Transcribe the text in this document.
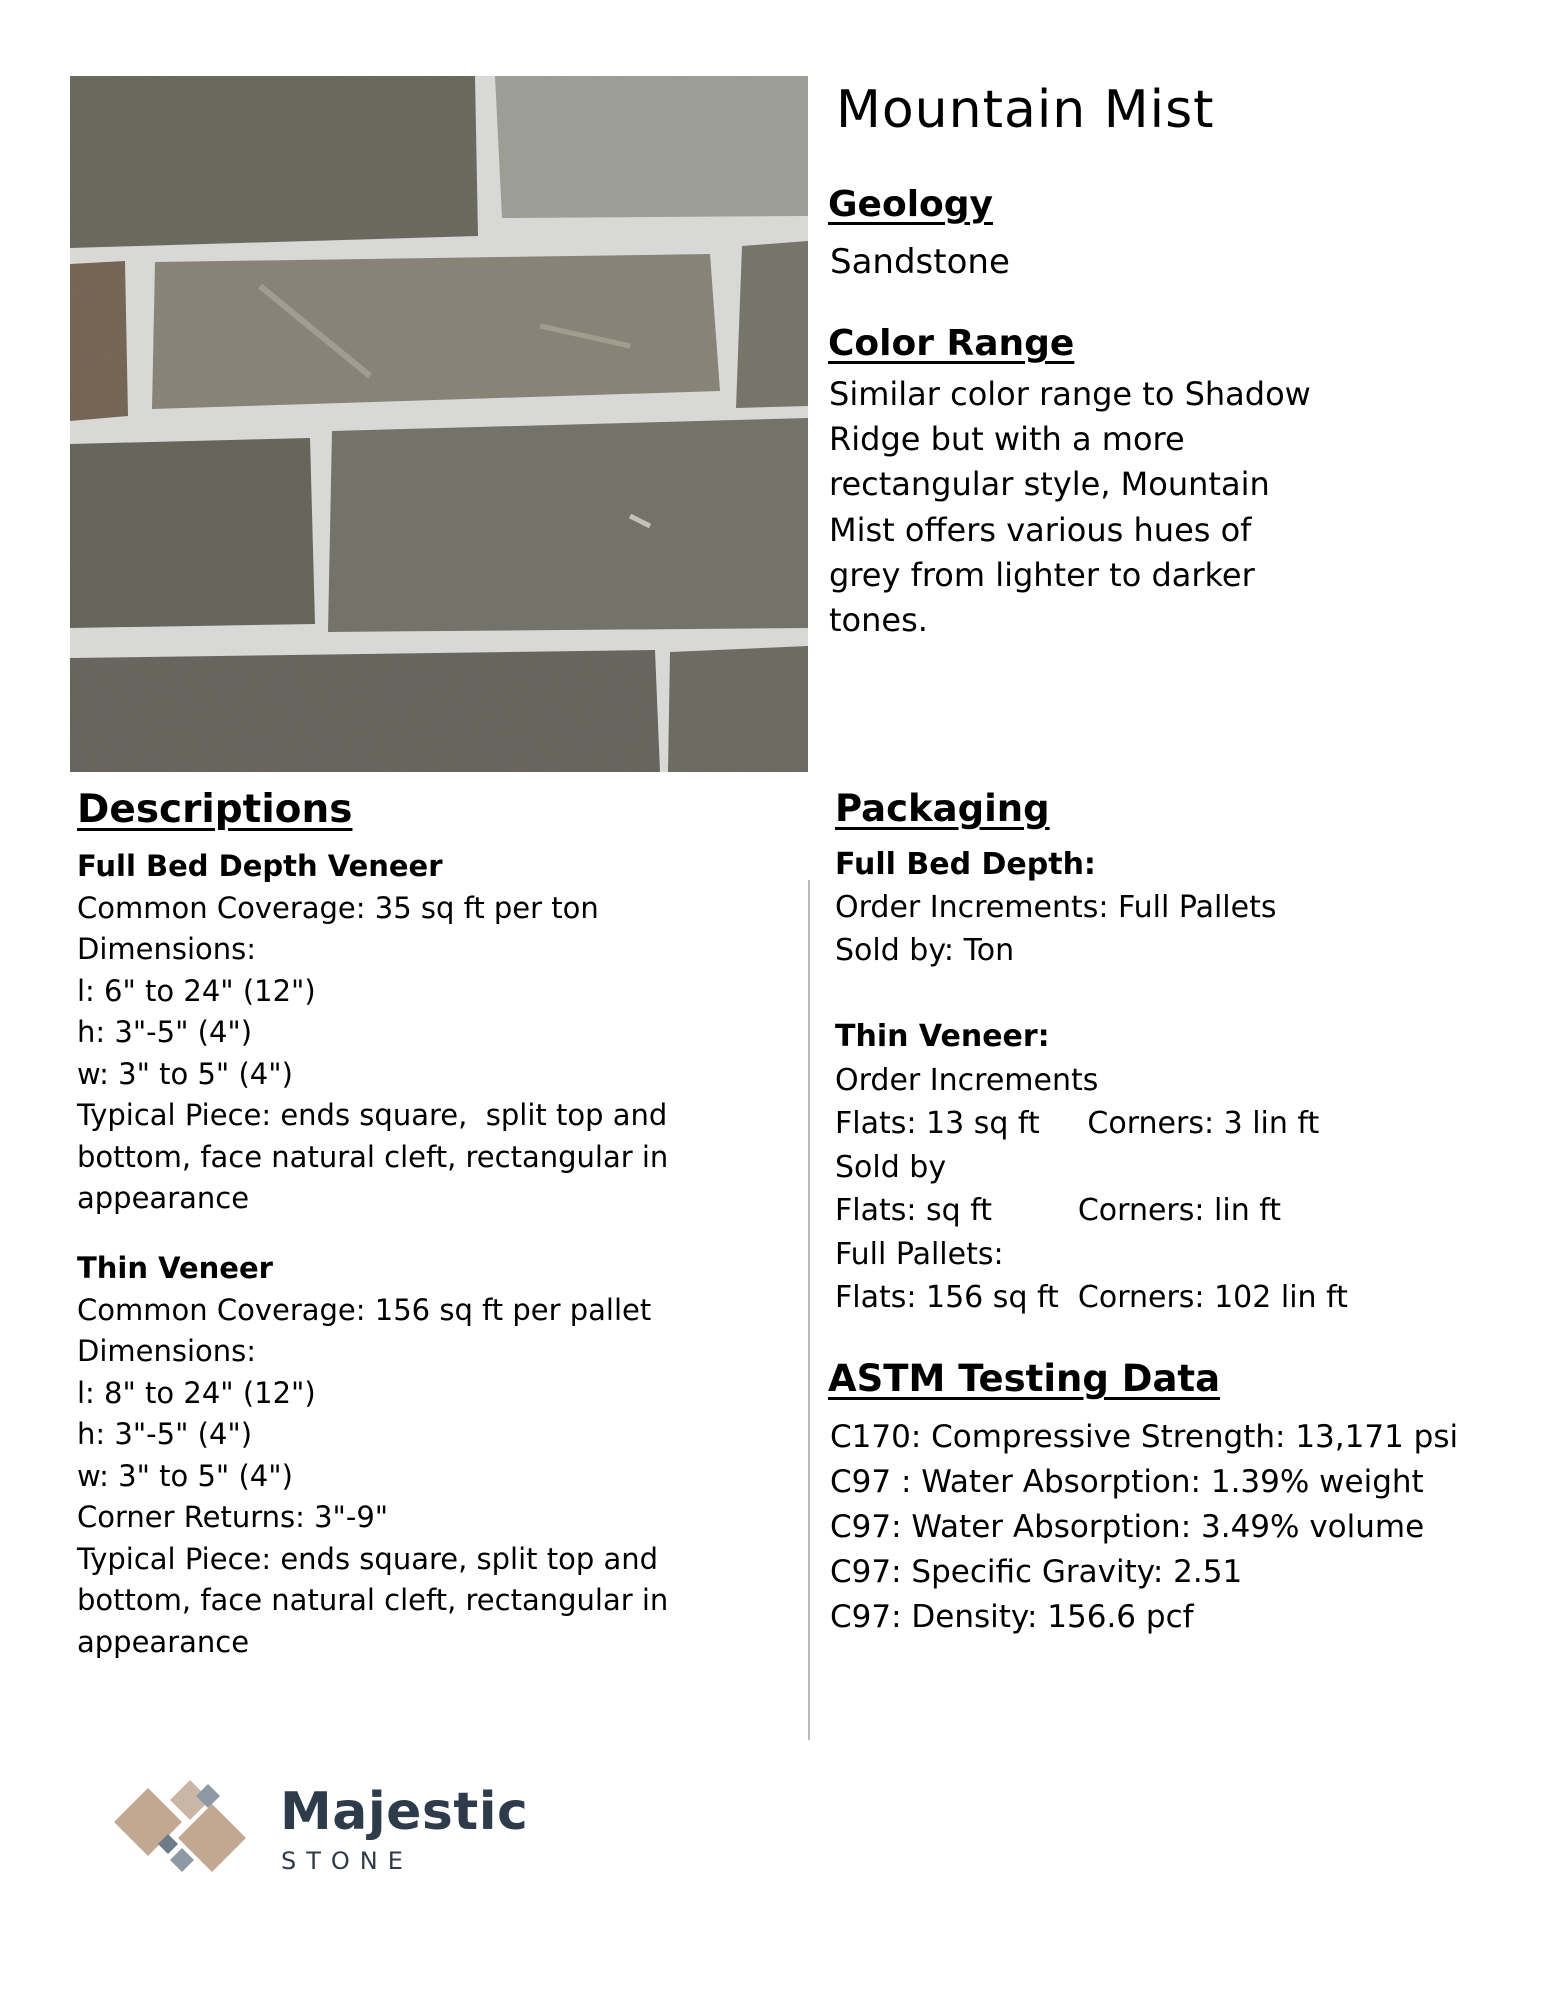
Mountain Mist
Geology
Sandstone
Color Range
Similar color range to Shadow
Ridge but with a more
rectangular style, Mountain
Mist offers various hues of
grey from lighter to darker
tones.
Descriptions
Full Bed Depth Veneer
Common Coverage: 35 sq ft per ton
Dimensions:
l: 6" to 24" (12")
h: 3"-5" (4")
w: 3" to 5" (4")
Typical Piece: ends square,  split top and
bottom, face natural cleft, rectangular in
appearance
Thin Veneer
Common Coverage: 156 sq ft per pallet
Dimensions:
l: 8" to 24" (12")
h: 3"-5" (4")
w: 3" to 5" (4")
Corner Returns: 3"-9"
Typical Piece: ends square, split top and
bottom, face natural cleft, rectangular in
appearance
Packaging
Full Bed Depth:
Order Increments: Full Pallets
Sold by: Ton
Thin Veneer:
Order Increments
Flats: 13 sq ft     Corners: 3 lin ft
Sold by
Flats: sq ft         Corners: lin ft
Full Pallets:
Flats: 156 sq ft  Corners: 102 lin ft
ASTM Testing Data
C170: Compressive Strength: 13,171 psi
C97 : Water Absorption: 1.39% weight
C97: Water Absorption: 3.49% volume
C97: Specific Gravity: 2.51
C97: Density: 156.6 pcf
Majestic
STONE
